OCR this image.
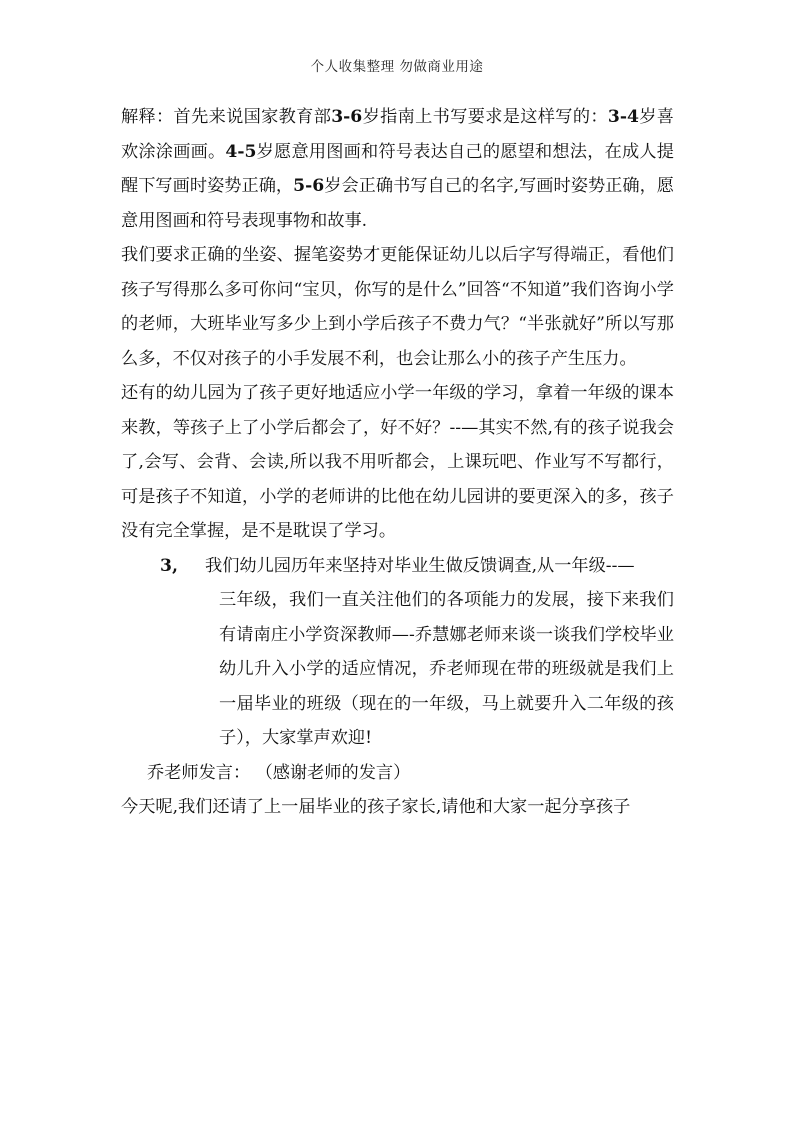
个人收集整理 勿做商业用途

解释：首先来说国家教育部3-6岁指南上书写要求是这样写的：3-4岁喜欢涂涂画画。4-5岁愿意用图画和符号表达自己的愿望和想法，在成人提醒下写画时姿势正确，5-6岁会正确书写自己的名字,写画时姿势正确，愿意用图画和符号表现事物和故事.

我们要求正确的坐姿、握笔姿势才更能保证幼儿以后字写得端正，看他们孩子写得那么多可你问“宝贝，你写的是什么”回答“不知道”我们咨询小学的老师，大班毕业写多少上到小学后孩子不费力气？“半张就好”所以写那么多，不仅对孩子的小手发展不利，也会让那么小的孩子产生压力。

还有的幼儿园为了孩子更好地适应小学一年级的学习，拿着一年级的课本来教，等孩子上了小学后都会了，好不好？--—其实不然,有的孩子说我会了,会写、会背、会读,所以我不用听都会，上课玩吧、作业写不写都行，可是孩子不知道，小学的老师讲的比他在幼儿园讲的要更深入的多，孩子没有完全掌握，是不是耽误了学习。

3, 我们幼儿园历年来坚持对毕业生做反馈调查,从一年级--—
三年级，我们一直关注他们的各项能力的发展，接下来我们有请南庄小学资深教师—-乔慧娜老师来谈一谈我们学校毕业幼儿升入小学的适应情况，乔老师现在带的班级就是我们上一届毕业的班级（现在的一年级，马上就要升入二年级的孩子），大家掌声欢迎!

乔老师发言： （感谢老师的发言）

今天呢,我们还请了上一届毕业的孩子家长,请他和大家一起分享孩子
